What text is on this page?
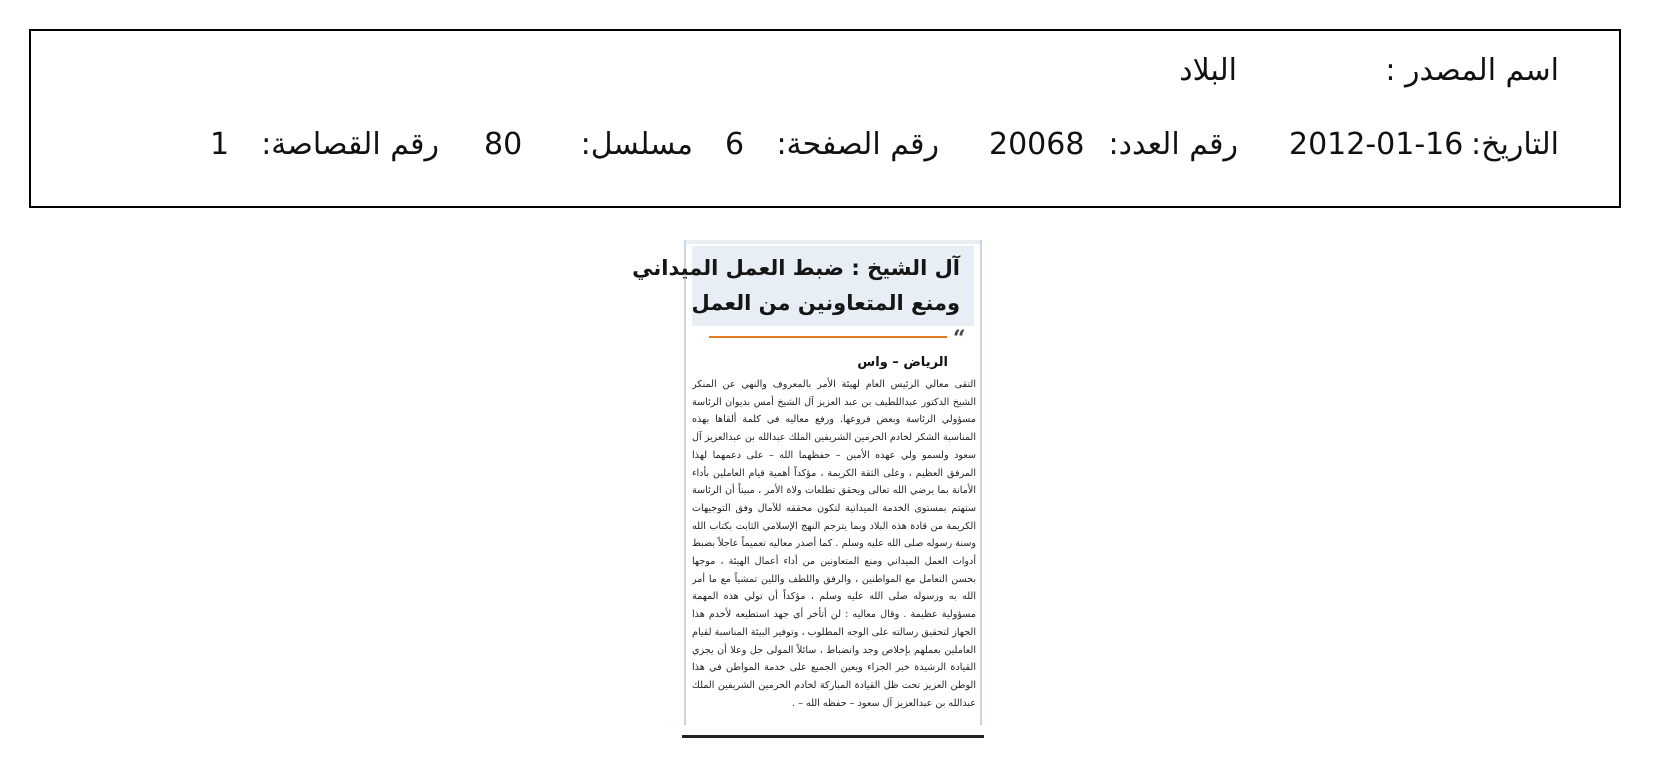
اسم المصدر :
البلاد
التاريخ:
2012-01-16
رقم العدد:
20068
رقم الصفحة:
6
مسلسل:
80
رقم القصاصة:
1
آل الشيخ : ضبط العمل الميداني
ومنع المتعاونين من العمل
“
الرياض – واس
التقى معالي الرئيس العام لهيئة الأمر بالمعروف والنهي عن المنكر الشيخ الدكتور عبداللطيف بن عبد العزيز آل الشيخ أمس بديوان الرئاسة مسؤولي الرئاسة وبعض فروعها. ورفع معاليه في كلمة ألقاها بهذه المناسبة الشكر لخادم الحرمين الشريفين الملك عبدالله بن عبدالعزيز آل سعود ولسمو ولي عهده الأمين – حفظهما الله – على دعمهما لهذا المرفق العظيم ، وعلى الثقة الكريمة ، مؤكداً أهمية قيام العاملين بأداء الأمانة بما يرضي الله تعالى ويحقق تطلعات ولاة الأمر ، مبيناً أن الرئاسة ستهتم بمستوى الخدمة الميدانية لتكون محققه للآمال وفق التوجيهات الكريمة من قادة هذه البلاد وبما يترجم النهج الإسلامي الثابت بكتاب الله وسنة رسوله صلى الله عليه وسلم . كما أصدر معاليه تعميماً عاجلاً بضبط أدوات العمل الميداني ومنع المتعاونين من أداء أعمال الهيئة ، موجها بحسن التعامل مع المواطنين ، والرفق واللطف واللين تمشياً مع ما أمر الله به ورسوله صلى الله عليه وسلم ، مؤكداً أن تولي هذه المهمة مسؤولية عظيمة . وقال معاليه : لن أتأخر أي جهد استطيعه لأخدم هذا الجهاز لتحقيق رسالته على الوجه المطلوب ، وتوفير البيئة المناسبة لقيام العاملين بعملهم بإخلاص وجد وانضباط ، سائلاً المولى جل وعلا أن يجزي القيادة الرشيدة خير الجزاء ويعين الجميع على خدمة المواطن في هذا الوطن العزيز تحت ظل القيادة المباركة لخادم الحرمين الشريفين الملك عبدالله بن عبدالعزيز آل سعود – حفظه الله – .
